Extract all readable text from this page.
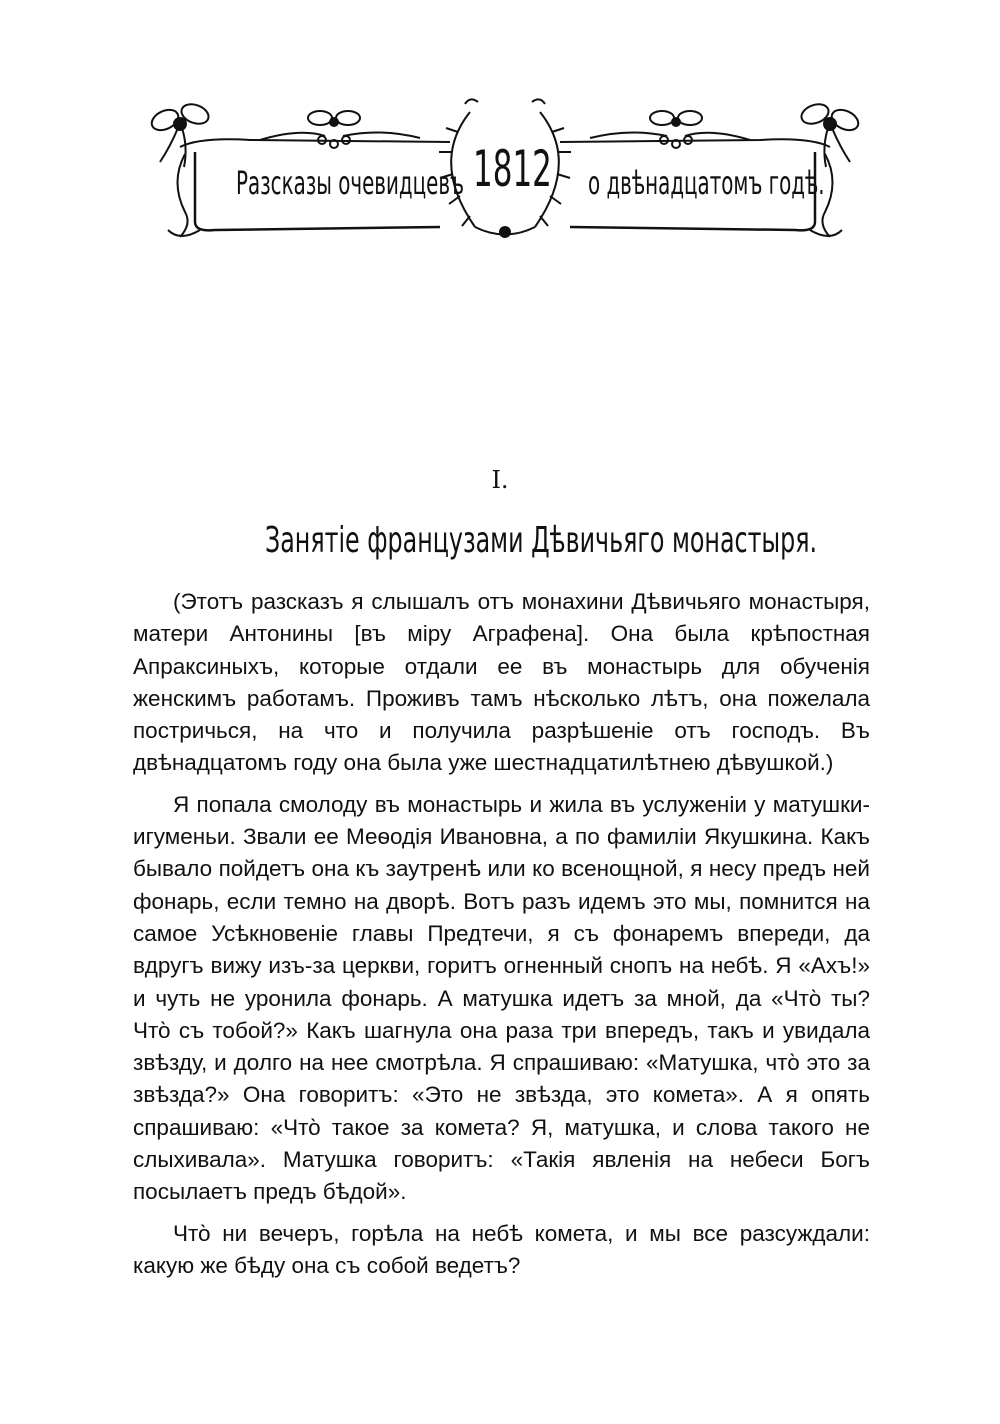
Разсказы очевидцевъ 1812 о двѣнадцатомъ годѣ.
I.
Занятіе французами Дѣвичьяго монастыря.

(Этотъ разсказъ я слышалъ отъ монахини Дѣвичьяго монастыря, матери Антонины [въ міру Аграфена]. Она была крѣпостная Апраксиныхъ, которые отдали ее въ монастырь для обученія женскимъ работамъ. Проживъ тамъ нѣсколько лѣтъ, она пожелала постричься, на что и получила разрѣшеніе отъ господъ. Въ двѣнадцатомъ году она была уже шестнадцатилѣтнею дѣвушкой.)

Я попала смолоду въ монастырь и жила въ услуженіи у матушки-игуменьи. Звали ее Меѳодія Ивановна, а по фамиліи Якушкина. Какъ бывало пойдетъ она къ заутренѣ или ко всенощной, я несу предъ ней фонарь, если темно на дворѣ. Вотъ разъ идемъ это мы, помнится на самое Усѣкновеніе главы Предтечи, я съ фонаремъ впереди, да вдругъ вижу изъ-за церкви, горитъ огненный снопъ на небѣ. Я «Ахъ!» и чуть не уронила фонарь. А матушка идетъ за мной, да «Что̀ ты? Что̀ съ тобой?» Какъ шагнула она раза три впередъ, такъ и увидала звѣзду, и долго на нее смотрѣла. Я спрашиваю: «Матушка, что̀ это за звѣзда?» Она говоритъ: «Это не звѣзда, это комета». А я опять спрашиваю: «Что̀ такое за комета? Я, матушка, и слова такого не слыхивала». Матушка говоритъ: «Такія явленія на небеси Богъ посылаетъ предъ бѣдой».

Что̀ ни вечеръ, горѣла на небѣ комета, и мы все разсуждали: какую же бѣду она съ собой ведетъ?
